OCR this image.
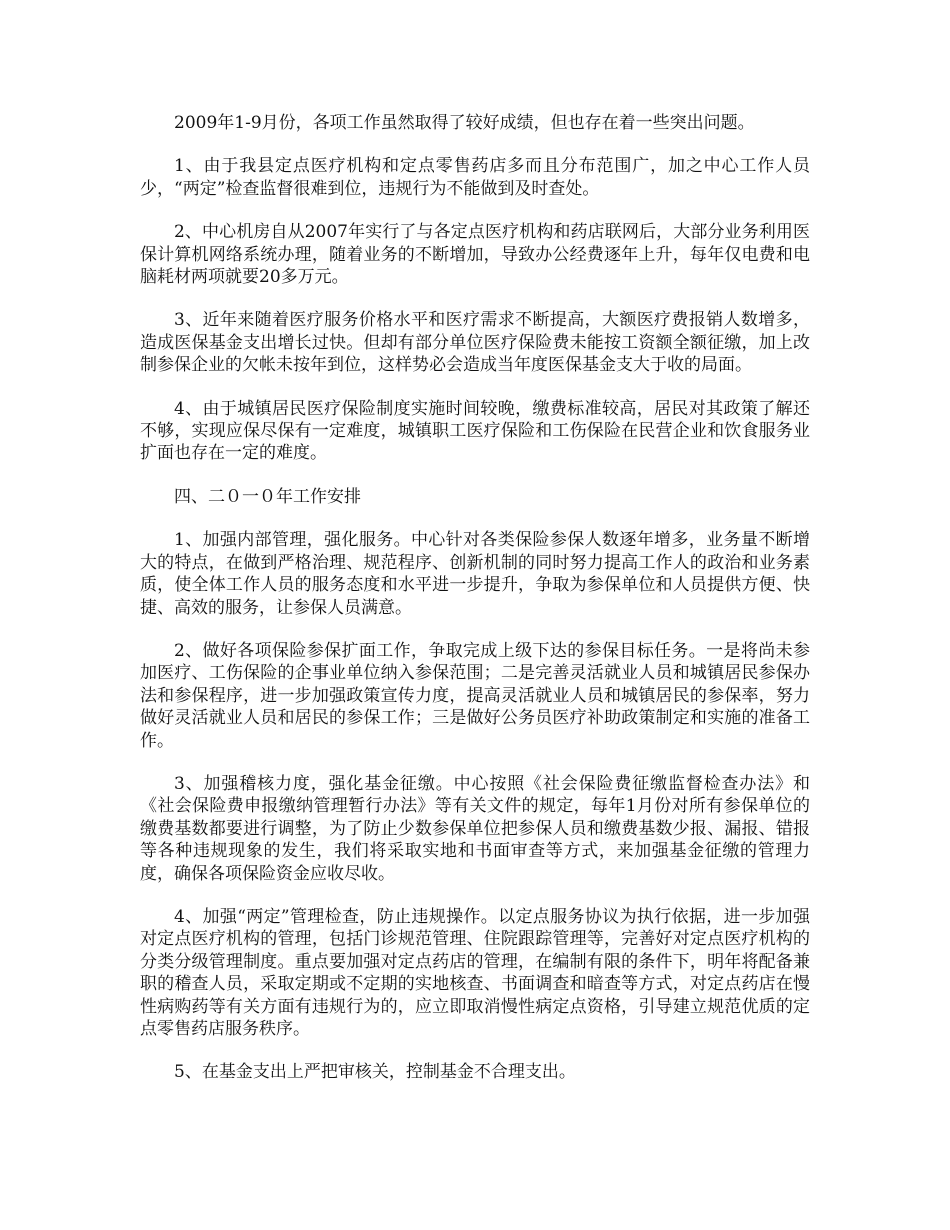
2009年1-9月份，各项工作虽然取得了较好成绩，但也存在着一些突出问题。

1、由于我县定点医疗机构和定点零售药店多而且分布范围广，加之中心工作人员少，“两定”检查监督很难到位，违规行为不能做到及时查处。

2、中心机房自从2007年实行了与各定点医疗机构和药店联网后，大部分业务利用医保计算机网络系统办理，随着业务的不断增加，导致办公经费逐年上升，每年仅电费和电脑耗材两项就要20多万元。

3、近年来随着医疗服务价格水平和医疗需求不断提高，大额医疗费报销人数增多，造成医保基金支出增长过快。但却有部分单位医疗保险费未能按工资额全额征缴，加上改制参保企业的欠帐未按年到位，这样势必会造成当年度医保基金支大于收的局面。

4、由于城镇居民医疗保险制度实施时间较晚，缴费标准较高，居民对其政策了解还不够，实现应保尽保有一定难度，城镇职工医疗保险和工伤保险在民营企业和饮食服务业扩面也存在一定的难度。

四、二０一０年工作安排

1、加强内部管理，强化服务。中心针对各类保险参保人数逐年增多，业务量不断增大的特点，在做到严格治理、规范程序、创新机制的同时努力提高工作人的政治和业务素质，使全体工作人员的服务态度和水平进一步提升，争取为参保单位和人员提供方便、快捷、高效的服务，让参保人员满意。

2、做好各项保险参保扩面工作，争取完成上级下达的参保目标任务。一是将尚未参加医疗、工伤保险的企事业单位纳入参保范围；二是完善灵活就业人员和城镇居民参保办法和参保程序，进一步加强政策宣传力度，提高灵活就业人员和城镇居民的参保率，努力做好灵活就业人员和居民的参保工作；三是做好公务员医疗补助政策制定和实施的准备工作。

3、加强稽核力度，强化基金征缴。中心按照《社会保险费征缴监督检查办法》和《社会保险费申报缴纳管理暂行办法》等有关文件的规定，每年1月份对所有参保单位的缴费基数都要进行调整，为了防止少数参保单位把参保人员和缴费基数少报、漏报、错报等各种违规现象的发生，我们将采取实地和书面审查等方式，来加强基金征缴的管理力度，确保各项保险资金应收尽收。

4、加强“两定”管理检查，防止违规操作。以定点服务协议为执行依据，进一步加强对定点医疗机构的管理，包括门诊规范管理、住院跟踪管理等，完善好对定点医疗机构的分类分级管理制度。重点要加强对定点药店的管理，在编制有限的条件下，明年将配备兼职的稽查人员，采取定期或不定期的实地核查、书面调查和暗查等方式，对定点药店在慢性病购药等有关方面有违规行为的，应立即取消慢性病定点资格，引导建立规范优质的定点零售药店服务秩序。

5、在基金支出上严把审核关，控制基金不合理支出。
